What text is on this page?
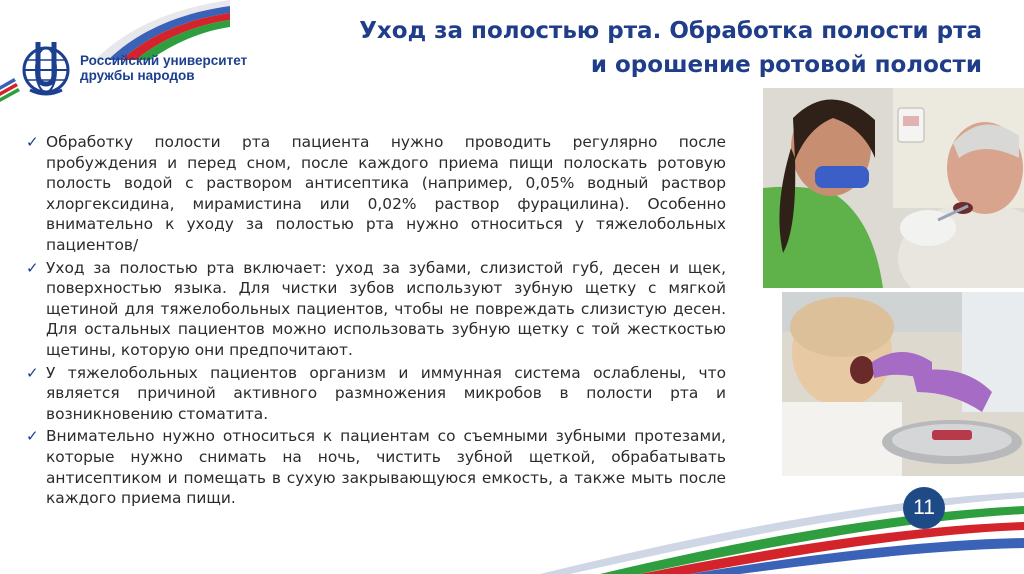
Российский университет
дружбы народов
Уход за полостью рта. Обработка полости рта
и орошение ротовой полости
✓ Обработку полости рта пациента нужно проводить регулярно после пробуждения и перед сном, после каждого приема пищи полоскать ротовую полость водой с раствором антисептика (например, 0,05% водный раствор хлоргексидина, мирамистина или 0,02% раствор фурацилина). Особенно внимательно к уходу за полостью рта нужно относиться у тяжелобольных пациентов/
✓ Уход за полостью рта включает: уход за зубами, слизистой губ, десен и щек, поверхностью языка. Для чистки зубов используют зубную щетку с мягкой щетиной для тяжелобольных пациентов, чтобы не повреждать слизистую десен. Для остальных пациентов можно использовать зубную щетку с той жесткостью щетины, которую они предпочитают.
✓ У тяжелобольных пациентов организм и иммунная система ослаблены, что является причиной активного размножения микробов в полости рта и возникновению стоматита.
✓ Внимательно нужно относиться к пациентам со съемными зубными протезами, которые нужно снимать на ночь, чистить зубной щеткой, обрабатывать антисептиком и помещать в сухую закрывающуюся емкость, а также мыть после каждого приема пищи.	11
